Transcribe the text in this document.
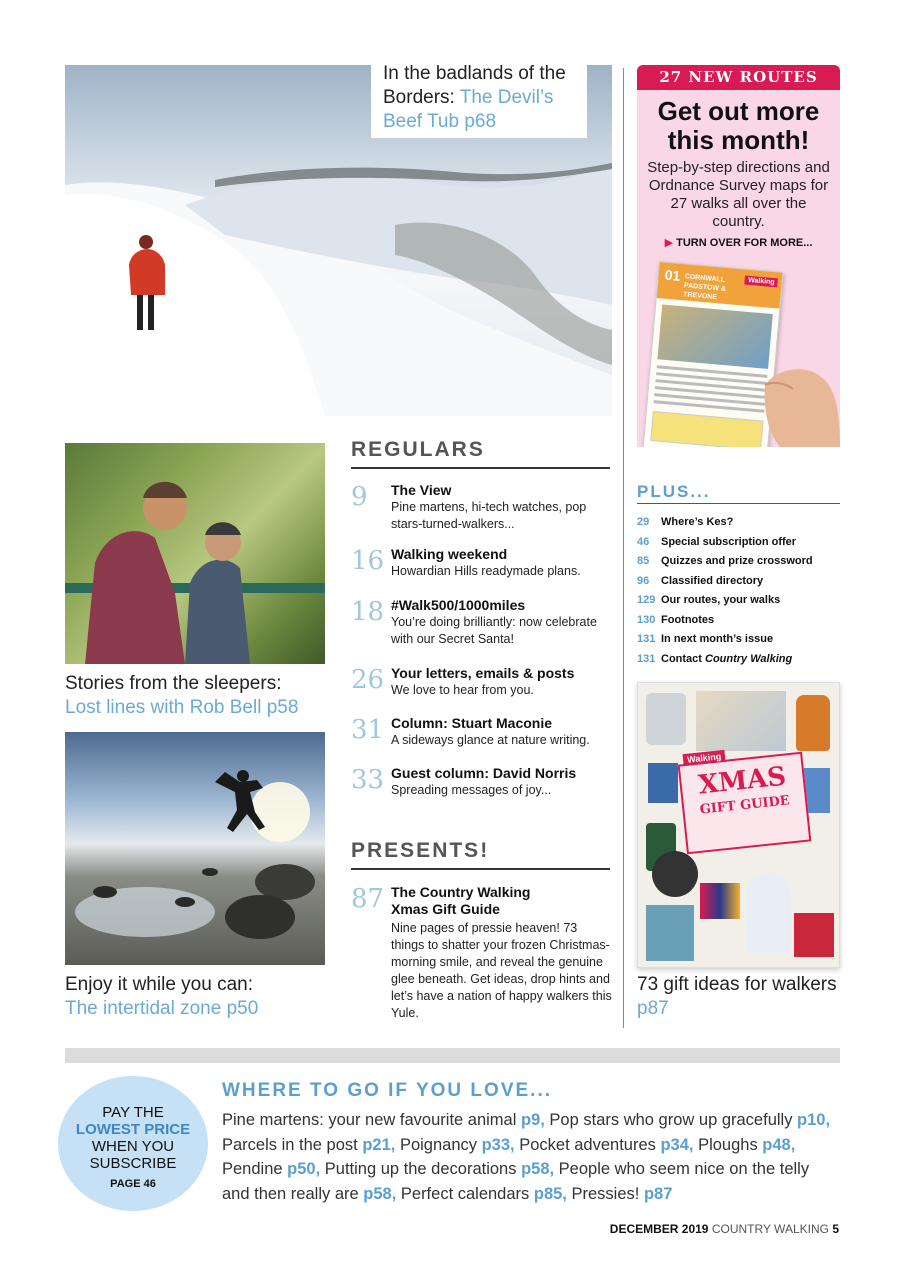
In the badlands of the Borders: The Devil’s Beef Tub p68
27 NEW ROUTES
Get out more this month!
Step-by-step directions and Ordnance Survey maps for 27 walks all over the country.
▶ TURN OVER FOR MORE...
01 CORNWALL PADSTOW & TREVONE
Walking
Stories from the sleepers:
Lost lines with Rob Bell p58
Enjoy it while you can:
The intertidal zone p50
REGULARS
9	The View
Pine martens, hi-tech watches, pop stars-turned-walkers...
16 Walking weekend
Howardian Hills readymade plans.
18 #Walk500/1000miles
You’re doing brilliantly: now celebrate with our Secret Santa!
26 Your letters, emails & posts
We love to hear from you.
31 Column: Stuart Maconie
A sideways glance at nature writing.
33 Guest column: David Norris
Spreading messages of joy...
PRESENTS!
87 The Country Walking Xmas Gift Guide
Nine pages of pressie heaven! 73 things to shatter your frozen Christmas-morning smile, and reveal the genuine glee beneath. Get ideas, drop hints and let’s have a nation of happy walkers this Yule.
PLUS...
29 Where’s Kes?
46 Special subscription offer
85 Quizzes and prize crossword
96 Classified directory
129 Our routes, your walks
130 Footnotes
131 In next month’s issue
131 Contact Country Walking
Walking
XMAS
GIFT GUIDE
73 gift ideas for walkers p87
PAY THE
LOWEST PRICE
WHEN YOU
SUBSCRIBE
PAGE 46
WHERE TO GO IF YOU LOVE...
Pine martens: your new favourite animal p9, Pop stars who grow up gracefully p10, Parcels in the post p21, Poignancy p33, Pocket adventures p34, Ploughs p48, Pendine p50, Putting up the decorations p58, People who seem nice on the telly and then really are p58, Perfect calendars p85, Pressies! p87
DECEMBER 2019 COUNTRY WALKING 5
